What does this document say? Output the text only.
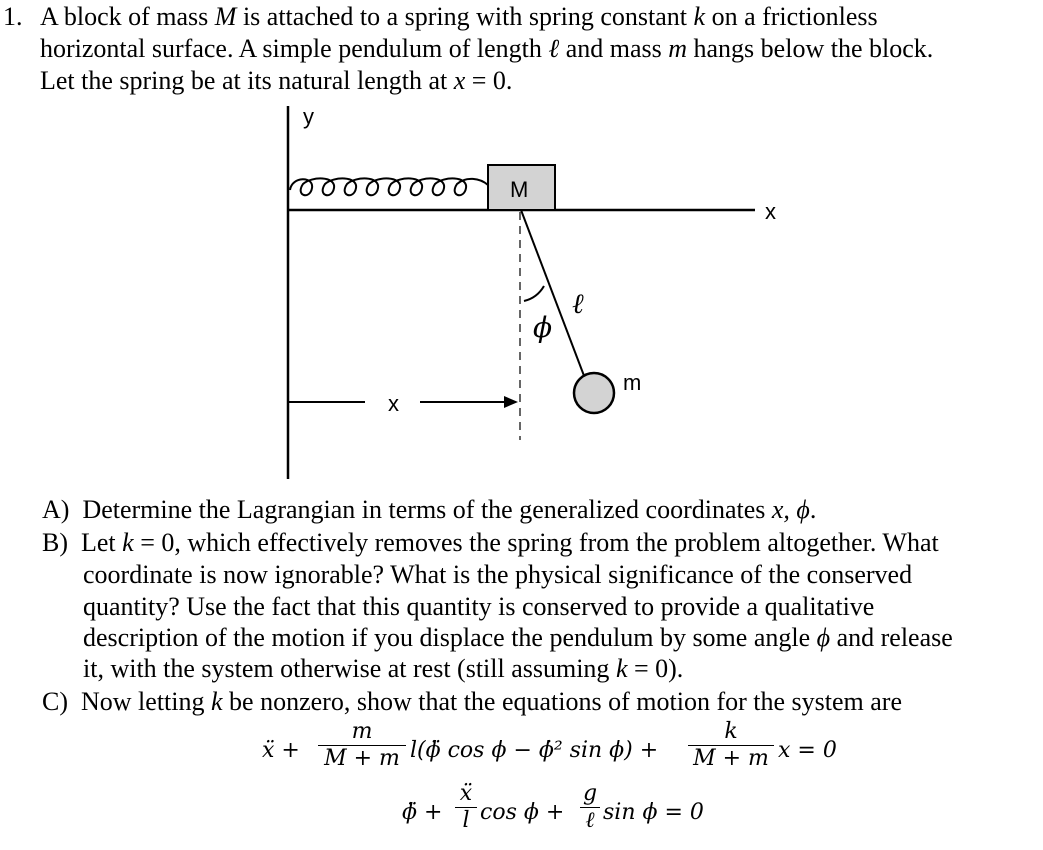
1. A block of mass M is attached to a spring with spring constant k on a frictionless
horizontal surface. A simple pendulum of length ℓ and mass m hangs below the block.
Let the spring be at its natural length at x = 0.
y
x
M
m
ℓ
ϕ
x
A) Determine the Lagrangian in terms of the generalized coordinates x, ϕ.
B) Let k = 0, which effectively removes the spring from the problem altogether. What
coordinate is now ignorable? What is the physical significance of the conserved
quantity? Use the fact that this quantity is conserved to provide a qualitative
description of the motion if you displace the pendulum by some angle ϕ and release
it, with the system otherwise at rest (still assuming k = 0).
C) Now letting k be nonzero, show that the equations of motion for the system are
ẍ +
m
M + m l(ϕ̈ cos ϕ − ϕ̇² sin ϕ) +
k
M + m x = 0
ϕ̈ +
ẍ
l cos ϕ +
g
ℓ sin ϕ = 0
